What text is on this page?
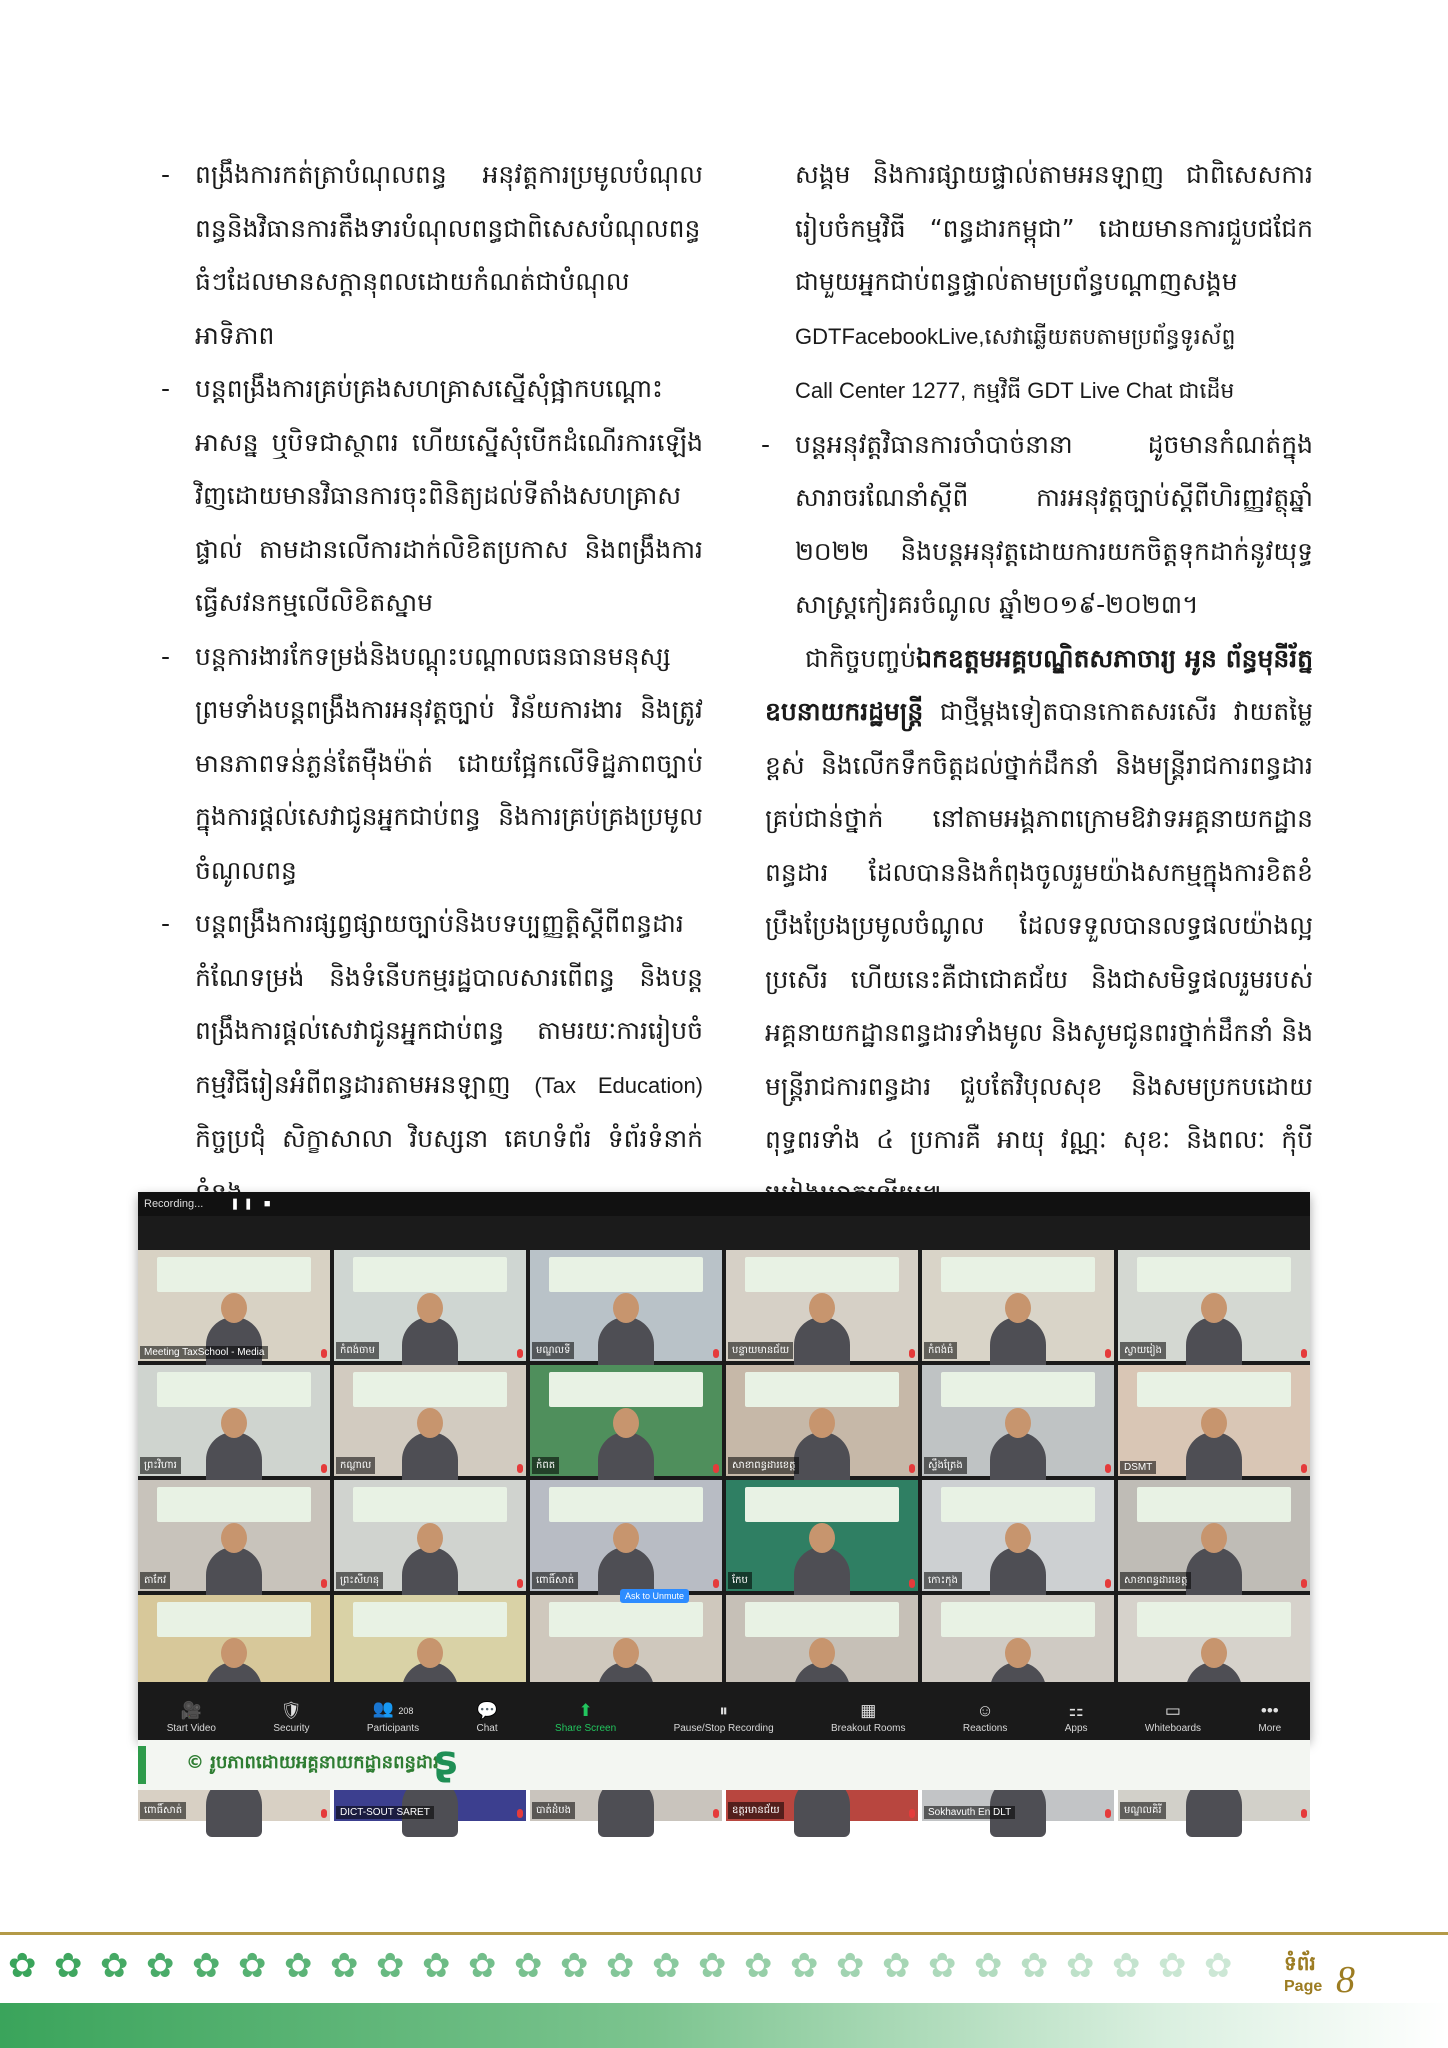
- ពង្រឹងការកត់ត្រាបំណុលពន្ធ អនុវត្តការប្រមូលបំណុលពន្ធនិងវិធានការតឹងទារបំណុលពន្ធជាពិសេសបំណុលពន្ធធំៗដែលមានសក្តានុពលដោយកំណត់ជាបំណុលអាទិភាព

- បន្តពង្រឹងការគ្រប់គ្រងសហគ្រាសស្នើសុំផ្អាកបណ្តោះអាសន្ន ឬបិទជាស្ថាពរ ហើយស្នើសុំបើកដំណើរការឡើងវិញដោយមានវិធានការចុះពិនិត្យដល់ទីតាំងសហគ្រាសផ្ទាល់ តាមដានលើការដាក់លិខិតប្រកាស និងពង្រឹងការធ្វើសវនកម្មលើលិខិតស្នាម

- បន្តការងារកែទម្រង់និងបណ្តុះបណ្តាលធនធានមនុស្សព្រមទាំងបន្តពង្រឹងការអនុវត្តច្បាប់ វិន័យការងារ និងត្រូវមានភាពទន់ភ្លន់តែម៉ឺងម៉ាត់ ដោយផ្អែកលើទិដ្ឋភាពច្បាប់ក្នុងការផ្តល់សេវាជូនអ្នកជាប់ពន្ធ និងការគ្រប់គ្រងប្រមូលចំណូលពន្ធ

- បន្តពង្រឹងការផ្សព្វផ្សាយច្បាប់និងបទប្បញ្ញត្តិស្តីពីពន្ធដារកំណែទម្រង់ និងទំនើបកម្មរដ្ឋបាលសារពើពន្ធ និងបន្តពង្រឹងការផ្តល់សេវាជូនអ្នកជាប់ពន្ធ តាមរយៈការរៀបចំកម្មវិធីរៀនអំពីពន្ធដារតាមអនឡាញ (Tax Education) កិច្ចប្រជុំ សិក្ខាសាលា វិបស្សនា គេហទំព័រ ទំព័រទំនាក់

សង្គម និងការផ្សាយផ្ទាល់តាមអនឡាញ ជាពិសេសការរៀបចំកម្មវិធី “ពន្ធដារកម្ពុជា” ដោយមានការជួបជជែកជាមួយអ្នកជាប់ពន្ធផ្ទាល់តាមប្រព័ន្ធបណ្តាញសង្គម GDTFacebookLive,សេវាឆ្លើយតបតាមប្រព័ន្ធទូរស័ព្ទ
Call Center 1277, កម្មវិធី GDT Live Chat ជាដើម

- បន្តអនុវត្តវិធានការចាំបាច់នានា ដូចមានកំណត់ក្នុងសារាចរណែនាំស្តីពី ការអនុវត្តច្បាប់ស្តីពីហិរញ្ញវត្ថុឆ្នាំ ២០២២ និងបន្តអនុវត្តដោយការយកចិត្តទុកដាក់នូវយុទ្ធសាស្ត្រកៀរគរចំណូល ឆ្នាំ២០១៩-២០២៣។

ជាកិច្ចបញ្ចប់ឯកឧត្តមអគ្គបណ្ឌិតសភាចារ្យ អូន ព័ន្ធមុនីរ័ត្ន ឧបនាយករដ្ឋមន្ត្រី ជាថ្មីម្តងទៀតបានកោតសរសើរ វាយតម្លៃខ្ពស់ និងលើកទឹកចិត្តដល់ថ្នាក់ដឹកនាំ និងមន្ត្រីរាជការពន្ធដារគ្រប់ជាន់ថ្នាក់ នៅតាមអង្គភាពក្រោមឱវាទអគ្គនាយកដ្ឋានពន្ធដារ ដែលបាននិងកំពុងចូលរួមយ៉ាងសកម្មក្នុងការខិតខំប្រឹងប្រែងប្រមូលចំណូល ដែលទទួលបានលទ្ធផលយ៉ាងល្អប្រសើរ ហើយនេះគឺជាជោគជ័យ និងជាសមិទ្ធផលរួមរបស់អគ្គនាយកដ្ឋានពន្ធដារទាំងមូល និងសូមជូនពរថ្នាក់ដឹកនាំ និងមន្ត្រីរាជការពន្ធដារ ជួបតែវិបុលសុខ និងសមប្រកបដោយពុទ្ធពរទាំង ៤ ប្រការគឺ អាយុ វណ្ណៈ សុខៈ និងពលៈ កុំបី

Recording... ❚❚ ■
Meeting TaxSchool - Media	កំពង់ចាម	មណ្ឌលទី	បន្ទាយមានជ័យ	កំពង់ធំ	ស្វាយរៀង
ព្រះវិហារ	កណ្តាល	កំពត	សាខាពន្ធដារខេត្ត	ស្ទឹងត្រែង	DSMT
តាកែវ	ព្រះសីហនុ	ពោធិ៍សាត់	កែប	កោះកុង	សាខាពន្ធដារខេត្ត
ពោធិ៍សាត់	DICT-SOUT SARET	បាត់ដំបង	ឧត្តរមានជ័យ	Sokhavuth En DLT	មណ្ឌលគិរី
Ask to Unmute
🎥
Start Video
🛡
Security
👥 208
Participants
💬
Chat
⬆
Share Screen
⏸
Pause/Stop Recording
▦
Breakout Rooms
☺
Reactions
⚏
Apps
▭
Whiteboards
•••
More
© រូបភាពដោយអគ្គនាយកដ្ឋានពន្ធដារ
ʂ
✿
✿
✿
✿
✿
✿
✿
✿
✿
✿
✿
✿
✿
✿
✿
✿
✿
✿
✿
✿
✿
✿
✿
✿
✿
✿
✿
ទំព័រ
Page 8
